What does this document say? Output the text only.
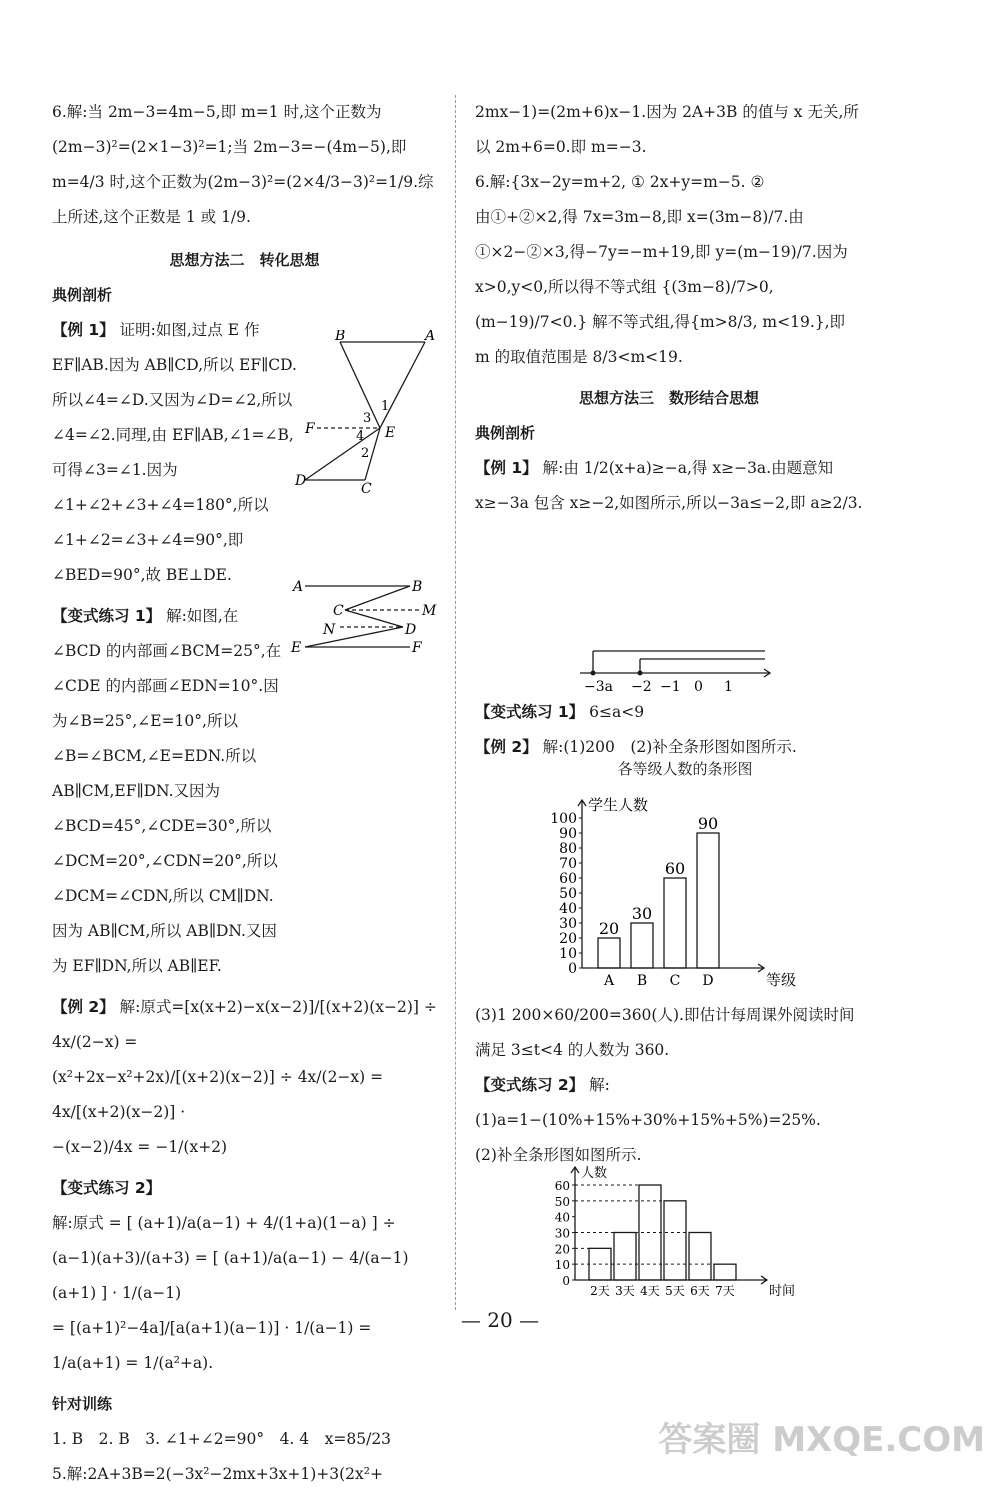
6.解:当 2m−3=4m−5,即 m=1 时,这个正数为(2m−3)²=(2×1−3)²=1;当 2m−3=−(4m−5),即 m=4/3 时,这个正数为(2m−3)²=(2×4/3−3)²=1/9.综上所述,这个正数是 1 或 1/9.

思想方法二　转化思想

典例剖析

【例 1】 证明:如图,过点 E 作 EF∥AB.因为 AB∥CD,所以 EF∥CD.所以∠4=∠D.又因为∠D=∠2,所以∠4=∠2.同理,由 EF∥AB,∠1=∠B,可得∠3=∠1.因为∠1+∠2+∠3+∠4=180°,所以∠1+∠2=∠3+∠4=90°,即∠BED=90°,故 BE⊥DE.

【变式练习 1】 解:如图,在∠BCD 的内部画∠BCM=25°,在∠CDE 的内部画∠EDN=10°.因为∠B=25°,∠E=10°,所以∠B=∠BCM,∠E=EDN.所以 AB∥CM,EF∥DN.又因为∠BCD=45°,∠CDE=30°,所以∠DCM=20°,∠CDN=20°,所以∠DCM=∠CDN,所以 CM∥DN.因为 AB∥CM,所以 AB∥DN.又因为 EF∥DN,所以 AB∥EF.

【例 2】 解:原式=[x(x+2)−x(x−2)]/[(x+2)(x−2)] ÷ 4x/(2−x) =

(x²+2x−x²+2x)/[(x+2)(x−2)] ÷ 4x/(2−x) = 4x/[(x+2)(x−2)] ·

−(x−2)/4x = −1/(x+2)

【变式练习 2】

解:原式 = [ (a+1)/a(a−1) + 4/(1+a)(1−a) ] ÷

(a−1)(a+3)/(a+3) = [ (a+1)/a(a−1) − 4/(a−1)(a+1) ] · 1/(a−1)

= [(a+1)²−4a]/[a(a+1)(a−1)] · 1/(a−1) = 1/a(a+1) = 1/(a²+a).

针对训练

1. B　2. B　3. ∠1+∠2=90°　4. 4　x=85/23

5.解:2A+3B=2(−3x²−2mx+3x+1)+3(2x²+

B	A
F	E
D	C
1
2
3
4
A	B
C	M
N	D
E	F

2mx−1)=(2m+6)x−1.因为 2A+3B 的值与 x 无关,所以 2m+6=0.即 m=−3.

6.解:{3x−2y=m+2, ① 2x+y=m−5. ②

由①+②×2,得 7x=3m−8,即 x=(3m−8)/7.由①×2−②×3,得−7y=−m+19,即 y=(m−19)/7.因为 x>0,y<0,所以得不等式组 {(3m−8)/7>0, (m−19)/7<0.} 解不等式组,得{m>8/3, m<19.},即 m 的取值范围是 8/3<m<19.

思想方法三　数形结合思想

典例剖析

【例 1】 解:由 1/2(x+a)≥−a,得 x≥−3a.由题意知 x≥−3a 包含 x≥−2,如图所示,所以−3a≤−2,即 a≥2/3.

−3a −2 −1 0 1

【变式练习 1】 6≤a<9

【例 2】 解:(1)200　(2)补全条形图如图所示.

各等级人数的条形图
学生人数
等级
0
10
20
30
40
50
60
70
80
90
100
20
A
30
B
60
C
90
D

(3)1 200×60/200=360(人).即估计每周课外阅读时间满足 3≤t<4 的人数为 360.

【变式练习 2】 解:(1)a=1−(10%+15%+30%+15%+5%)=25%.

(2)补全条形图如图所示.

人数
时间
0
10
20
30
40
50
60
2天 3天 4天 5天 6天 7天
— 20 —
答案圈 MXQE.COM
